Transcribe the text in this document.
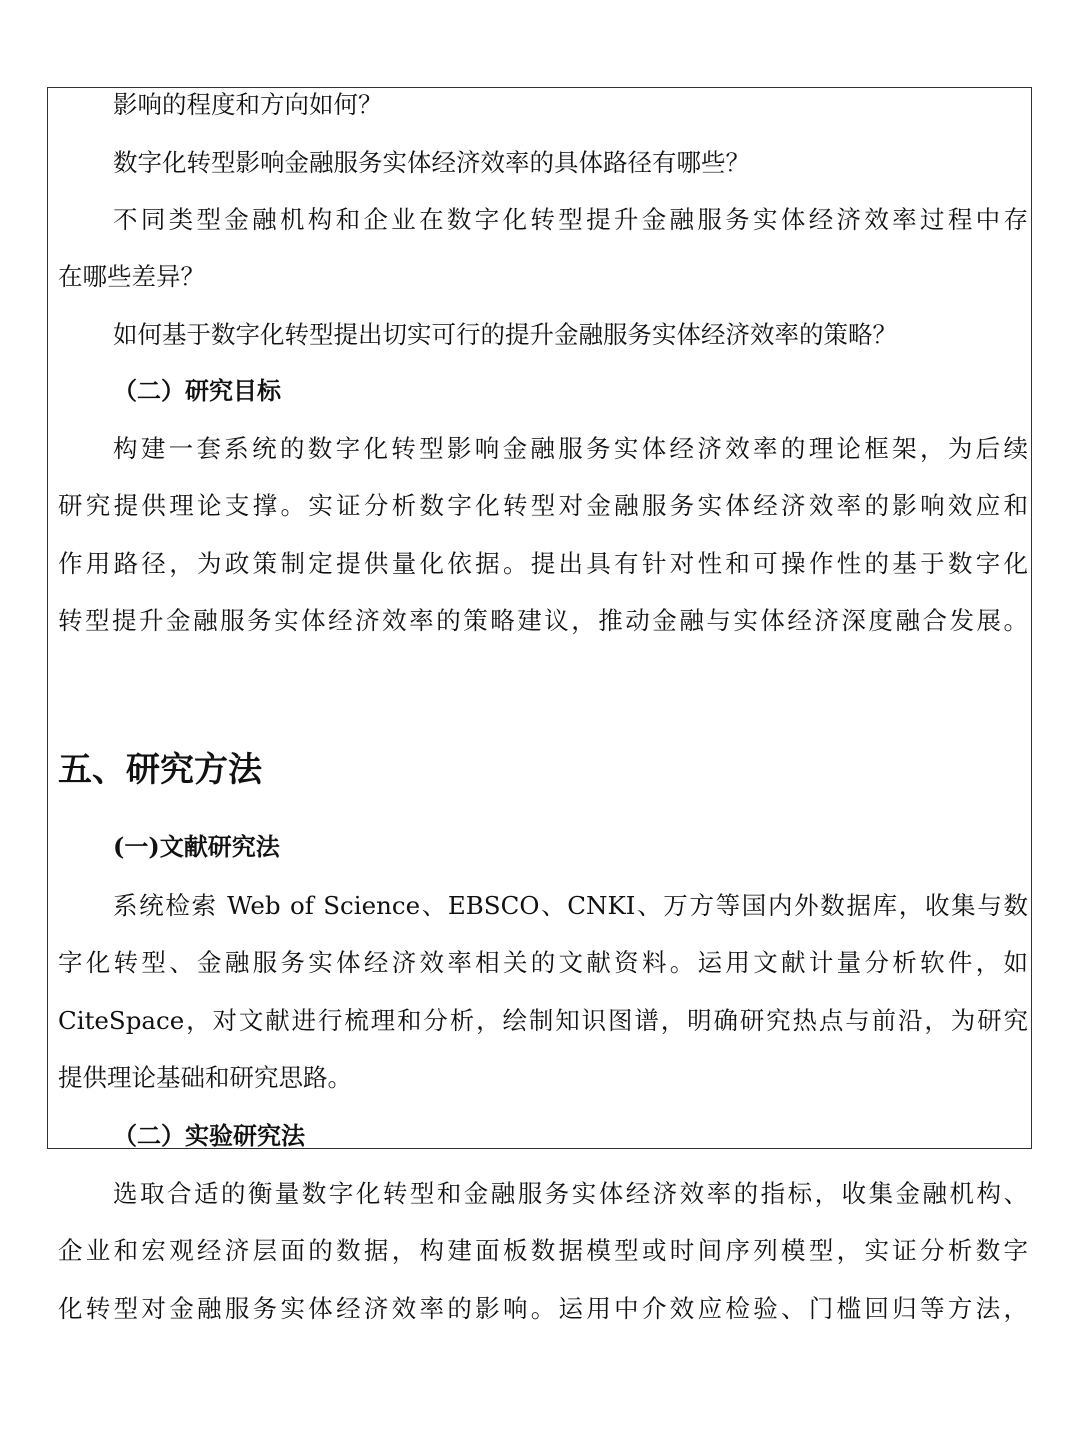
影响的程度和方向如何？

数字化转型影响金融服务实体经济效率的具体路径有哪些？

不同类型金融机构和企业在数字化转型提升金融服务实体经济效率过程中存

在哪些差异？

如何基于数字化转型提出切实可行的提升金融服务实体经济效率的策略？

（二）研究目标

构建一套系统的数字化转型影响金融服务实体经济效率的理论框架，为后续

研究提供理论支撑。实证分析数字化转型对金融服务实体经济效率的影响效应和

作用路径，为政策制定提供量化依据。提出具有针对性和可操作性的基于数字化

转型提升金融服务实体经济效率的策略建议，推动金融与实体经济深度融合发展。

五、研究方法

(一)文献研究法

系统检索 Web of Science、EBSCO、CNKI、万方等国内外数据库，收集与数

字化转型、金融服务实体经济效率相关的文献资料。运用文献计量分析软件，如

CiteSpace，对文献进行梳理和分析，绘制知识图谱，明确研究热点与前沿，为研究

提供理论基础和研究思路。

（二）实验研究法

选取合适的衡量数字化转型和金融服务实体经济效率的指标，收集金融机构、

企业和宏观经济层面的数据，构建面板数据模型或时间序列模型，实证分析数字

化转型对金融服务实体经济效率的影响。运用中介效应检验、门槛回归等方法，
